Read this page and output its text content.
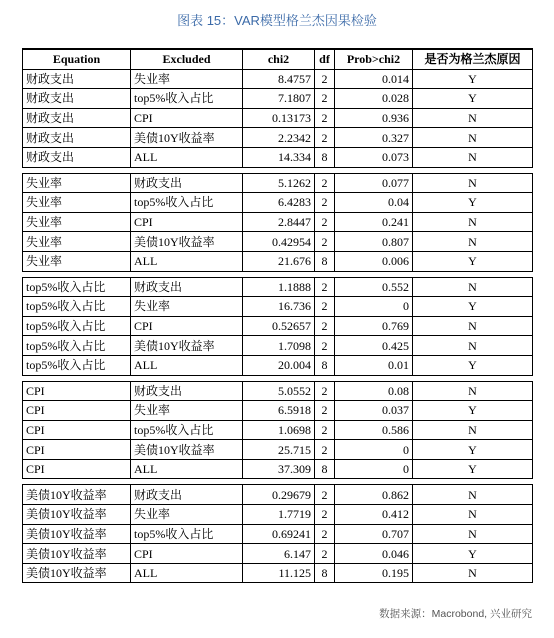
图表 15：VAR模型格兰杰因果检验
Equation	Excluded	chi2	df	Prob>chi2	是否为格兰杰原因
财政支出	失业率	8.4757	2	0.014	Y
财政支出	top5%收入占比	7.1807	2	0.028	Y
财政支出	CPI	0.13173	2	0.936	N
财政支出	美债10Y收益率	2.2342	2	0.327	N
财政支出	ALL	14.334	8	0.073	N

失业率	财政支出	5.1262	2	0.077	N
失业率	top5%收入占比	6.4283	2	0.04	Y
失业率	CPI	2.8447	2	0.241	N
失业率	美债10Y收益率	0.42954	2	0.807	N
失业率	ALL	21.676	8	0.006	Y

top5%收入占比	财政支出	1.1888	2	0.552	N
top5%收入占比	失业率	16.736	2	0	Y
top5%收入占比	CPI	0.52657	2	0.769	N
top5%收入占比	美债10Y收益率	1.7098	2	0.425	N
top5%收入占比	ALL	20.004	8	0.01	Y

CPI	财政支出	5.0552	2	0.08	N
CPI	失业率	6.5918	2	0.037	Y
CPI	top5%收入占比	1.0698	2	0.586	N
CPI	美债10Y收益率	25.715	2	0	Y
CPI	ALL	37.309	8	0	Y

美债10Y收益率	财政支出	0.29679	2	0.862	N
美债10Y收益率	失业率	1.7719	2	0.412	N
美债10Y收益率	top5%收入占比	0.69241	2	0.707	N
美债10Y收益率	CPI	6.147	2	0.046	Y
美债10Y收益率	ALL	11.125	8	0.195	N
数据来源：Macrobond, 兴业研究
